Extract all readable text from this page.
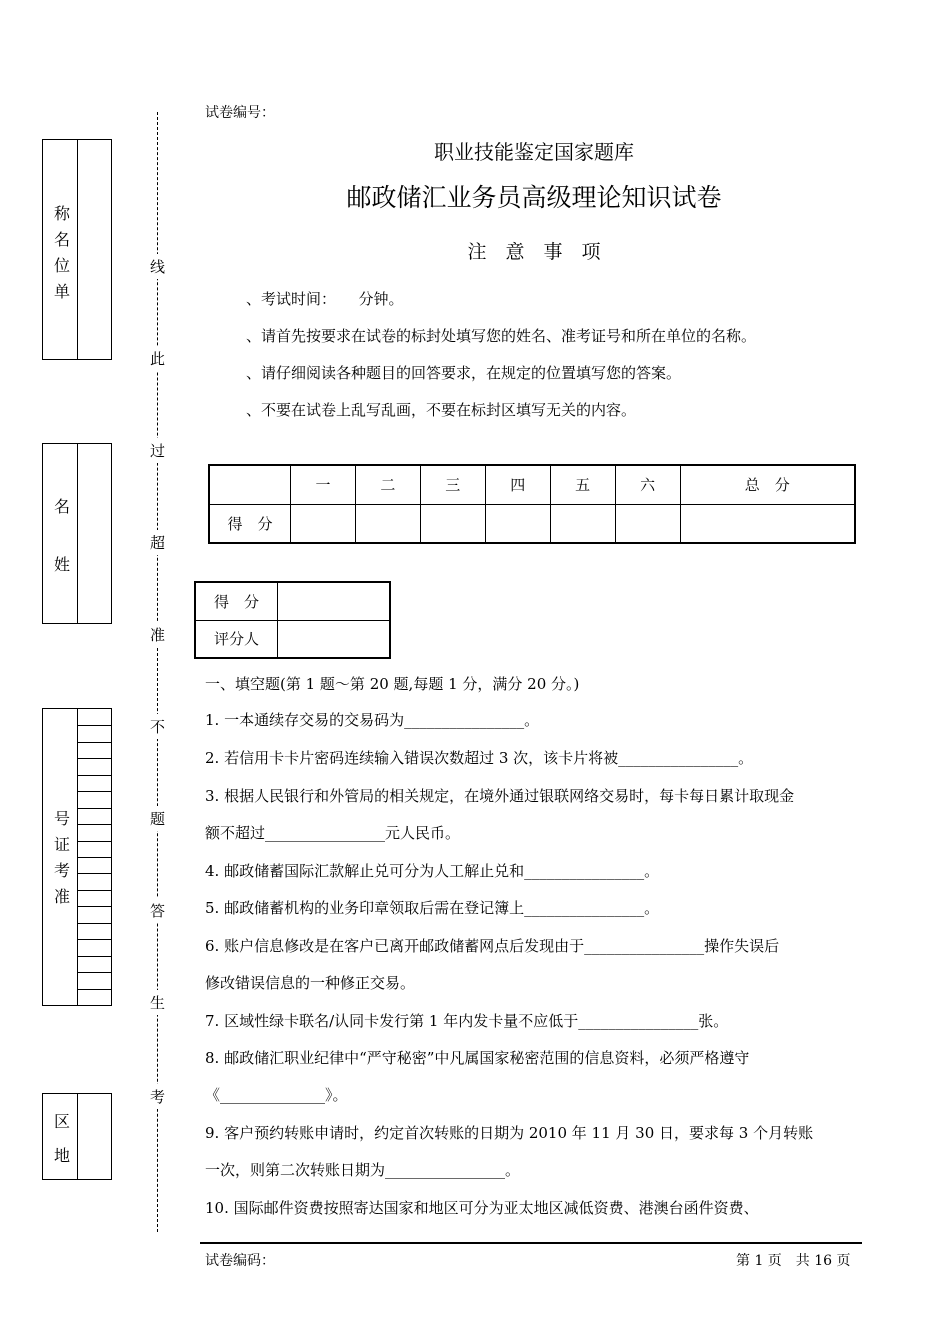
称
名
位
单
名
姓
号
证
考
准
区
地
线
此
过
超
准
不
题
答
生
考
试卷编号：
职业技能鉴定国家题库
邮政储汇业务员高级理论知识试卷
注　意　事　项
、考试时间：　　分钟。
、请首先按要求在试卷的标封处填写您的姓名、准考证号和所在单位的名称。
、请仔细阅读各种题目的回答要求，在规定的位置填写您的答案。
、不要在试卷上乱写乱画，不要在标封区填写无关的内容。
	一	二	三	四	五	六	总　分
得　分							
得　分	
评分人	
一、填空题(第 1 题～第 20 题,每题 1 分，满分 20 分。)
1. 一本通续存交易的交易码为________________。
2. 若信用卡卡片密码连续输入错误次数超过 3 次，该卡片将被________________。
3. 根据人民银行和外管局的相关规定，在境外通过银联网络交易时，每卡每日累计取现金
额不超过________________元人民币。
4. 邮政储蓄国际汇款解止兑可分为人工解止兑和________________。
5. 邮政储蓄机构的业务印章领取后需在登记簿上________________。
6. 账户信息修改是在客户已离开邮政储蓄网点后发现由于________________操作失误后
修改错误信息的一种修正交易。
7. 区域性绿卡联名/认同卡发行第 1 年内发卡量不应低于________________张。
8. 邮政储汇职业纪律中“严守秘密”中凡属国家秘密范围的信息资料，必须严格遵守
《______________》。
9. 客户预约转账申请时，约定首次转账的日期为 2010 年 11 月 30 日，要求每 3 个月转账
一次，则第二次转账日期为________________。
10. 国际邮件资费按照寄达国家和地区可分为亚太地区减低资费、港澳台函件资费、
试卷编码：	第 1 页　共 16 页
